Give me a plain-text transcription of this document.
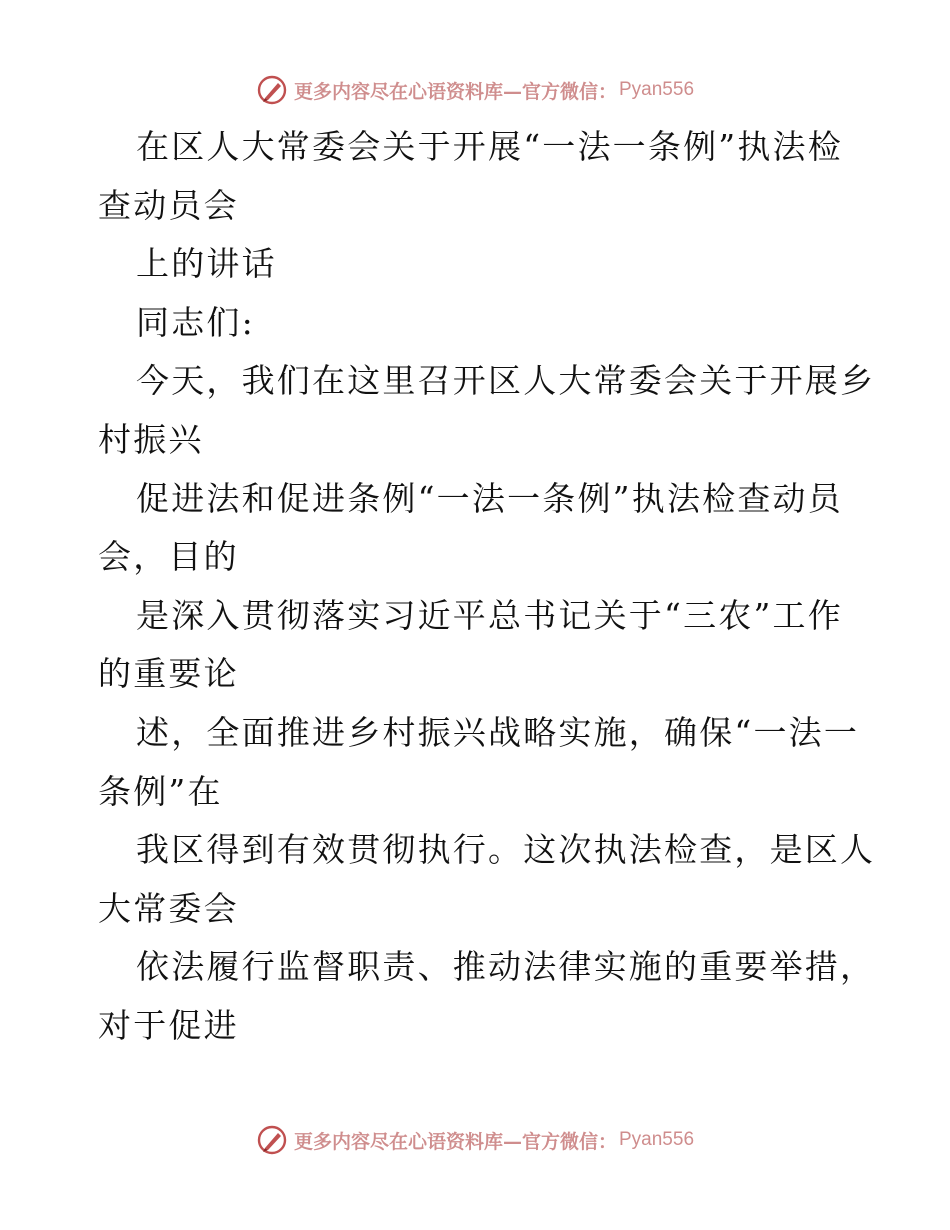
更多内容尽在心语资料库—官方微信： Pyan556
在区人大常委会关于开展“一法一条例”执法检
查动员会
上的讲话
同志们:
今天，我们在这里召开区人大常委会关于开展乡
村振兴
促进法和促进条例“一法一条例”执法检查动员
会，目的
是深入贯彻落实习近平总书记关于“三农”工作
的重要论
述，全面推进乡村振兴战略实施，确保“一法一
条例”在
我区得到有效贯彻执行。这次执法检查，是区人
大常委会
依法履行监督职责、推动法律实施的重要举措，
对于促进
更多内容尽在心语资料库—官方微信： Pyan556
